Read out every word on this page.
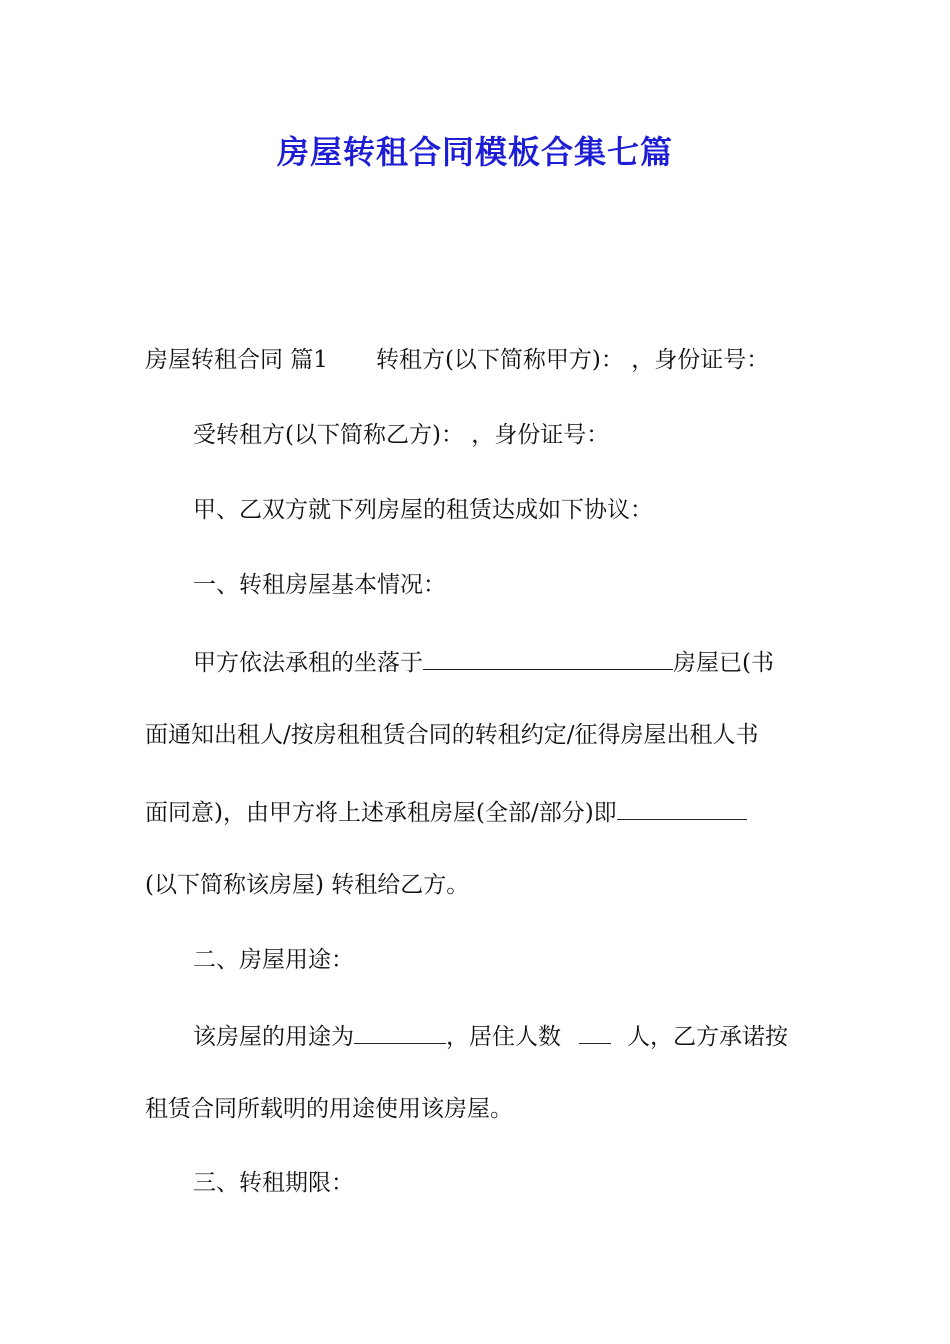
房屋转租合同模板合集七篇
房屋转租合同 篇1 转租方(以下简称甲方)： ，身份证号：
受转租方(以下简称乙方)： ，身份证号：
甲、乙双方就下列房屋的租赁达成如下协议：
一、转租房屋基本情况：
甲方依法承租的坐落于	房屋已(书
面通知出租人/按房租租赁合同的转租约定/征得房屋出租人书
面同意)，由甲方将上述承租房屋(全部/部分)即
(以下简称该房屋) 转租给乙方。
二、房屋用途：
该房屋的用途为	，居住人数	人，乙方承诺按
租赁合同所载明的用途使用该房屋。
三、转租期限：
